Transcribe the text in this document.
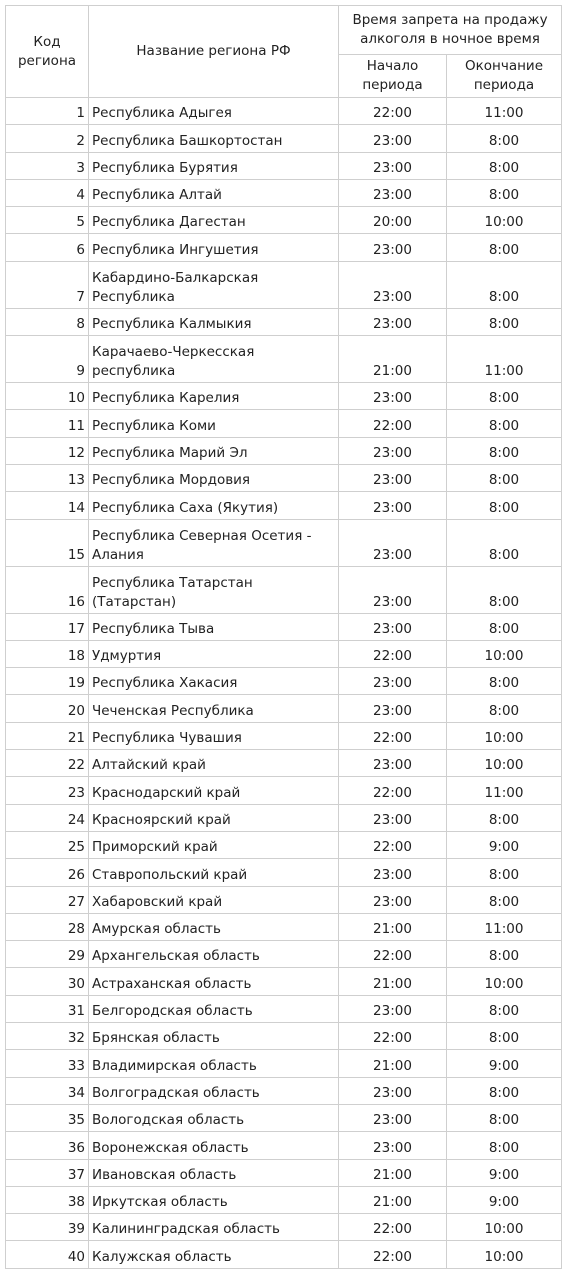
Код региона	Название региона РФ	Время запрета на продажу алкоголя в ночное время	
		Начало периода	Окончание периода
1	Республика Адыгея	22:00	11:00
2	Республика Башкортостан	23:00	8:00
3	Республика Бурятия	23:00	8:00
4	Республика Алтай	23:00	8:00
5	Республика Дагестан	20:00	10:00
6	Республика Ингушетия	23:00	8:00
7	Кабардино-Балкарская Республика	23:00	8:00
8	Республика Калмыкия	23:00	8:00
9	Карачаево-Черкесская республика	21:00	11:00
10	Республика Карелия	23:00	8:00
11	Республика Коми	22:00	8:00
12	Республика Марий Эл	23:00	8:00
13	Республика Мордовия	23:00	8:00
14	Республика Саха (Якутия)	23:00	8:00
15	Республика Северная Осетия - Алания	23:00	8:00
16	Республика Татарстан (Татарстан)	23:00	8:00
17	Республика Тыва	23:00	8:00
18	Удмуртия	22:00	10:00
19	Республика Хакасия	23:00	8:00
20	Чеченская Республика	23:00	8:00
21	Республика Чувашия	22:00	10:00
22	Алтайский край	23:00	10:00
23	Краснодарский край	22:00	11:00
24	Красноярский край	23:00	8:00
25	Приморский край	22:00	9:00
26	Ставропольский край	23:00	8:00
27	Хабаровский край	23:00	8:00
28	Амурская область	21:00	11:00
29	Архангельская область	22:00	8:00
30	Астраханская область	21:00	10:00
31	Белгородская область	23:00	8:00
32	Брянская область	22:00	8:00
33	Владимирская область	21:00	9:00
34	Волгоградская область	23:00	8:00
35	Вологодская область	23:00	8:00
36	Воронежская область	23:00	8:00
37	Ивановская область	21:00	9:00
38	Иркутская область	21:00	9:00
39	Калининградская область	22:00	10:00
40	Калужская область	22:00	10:00
